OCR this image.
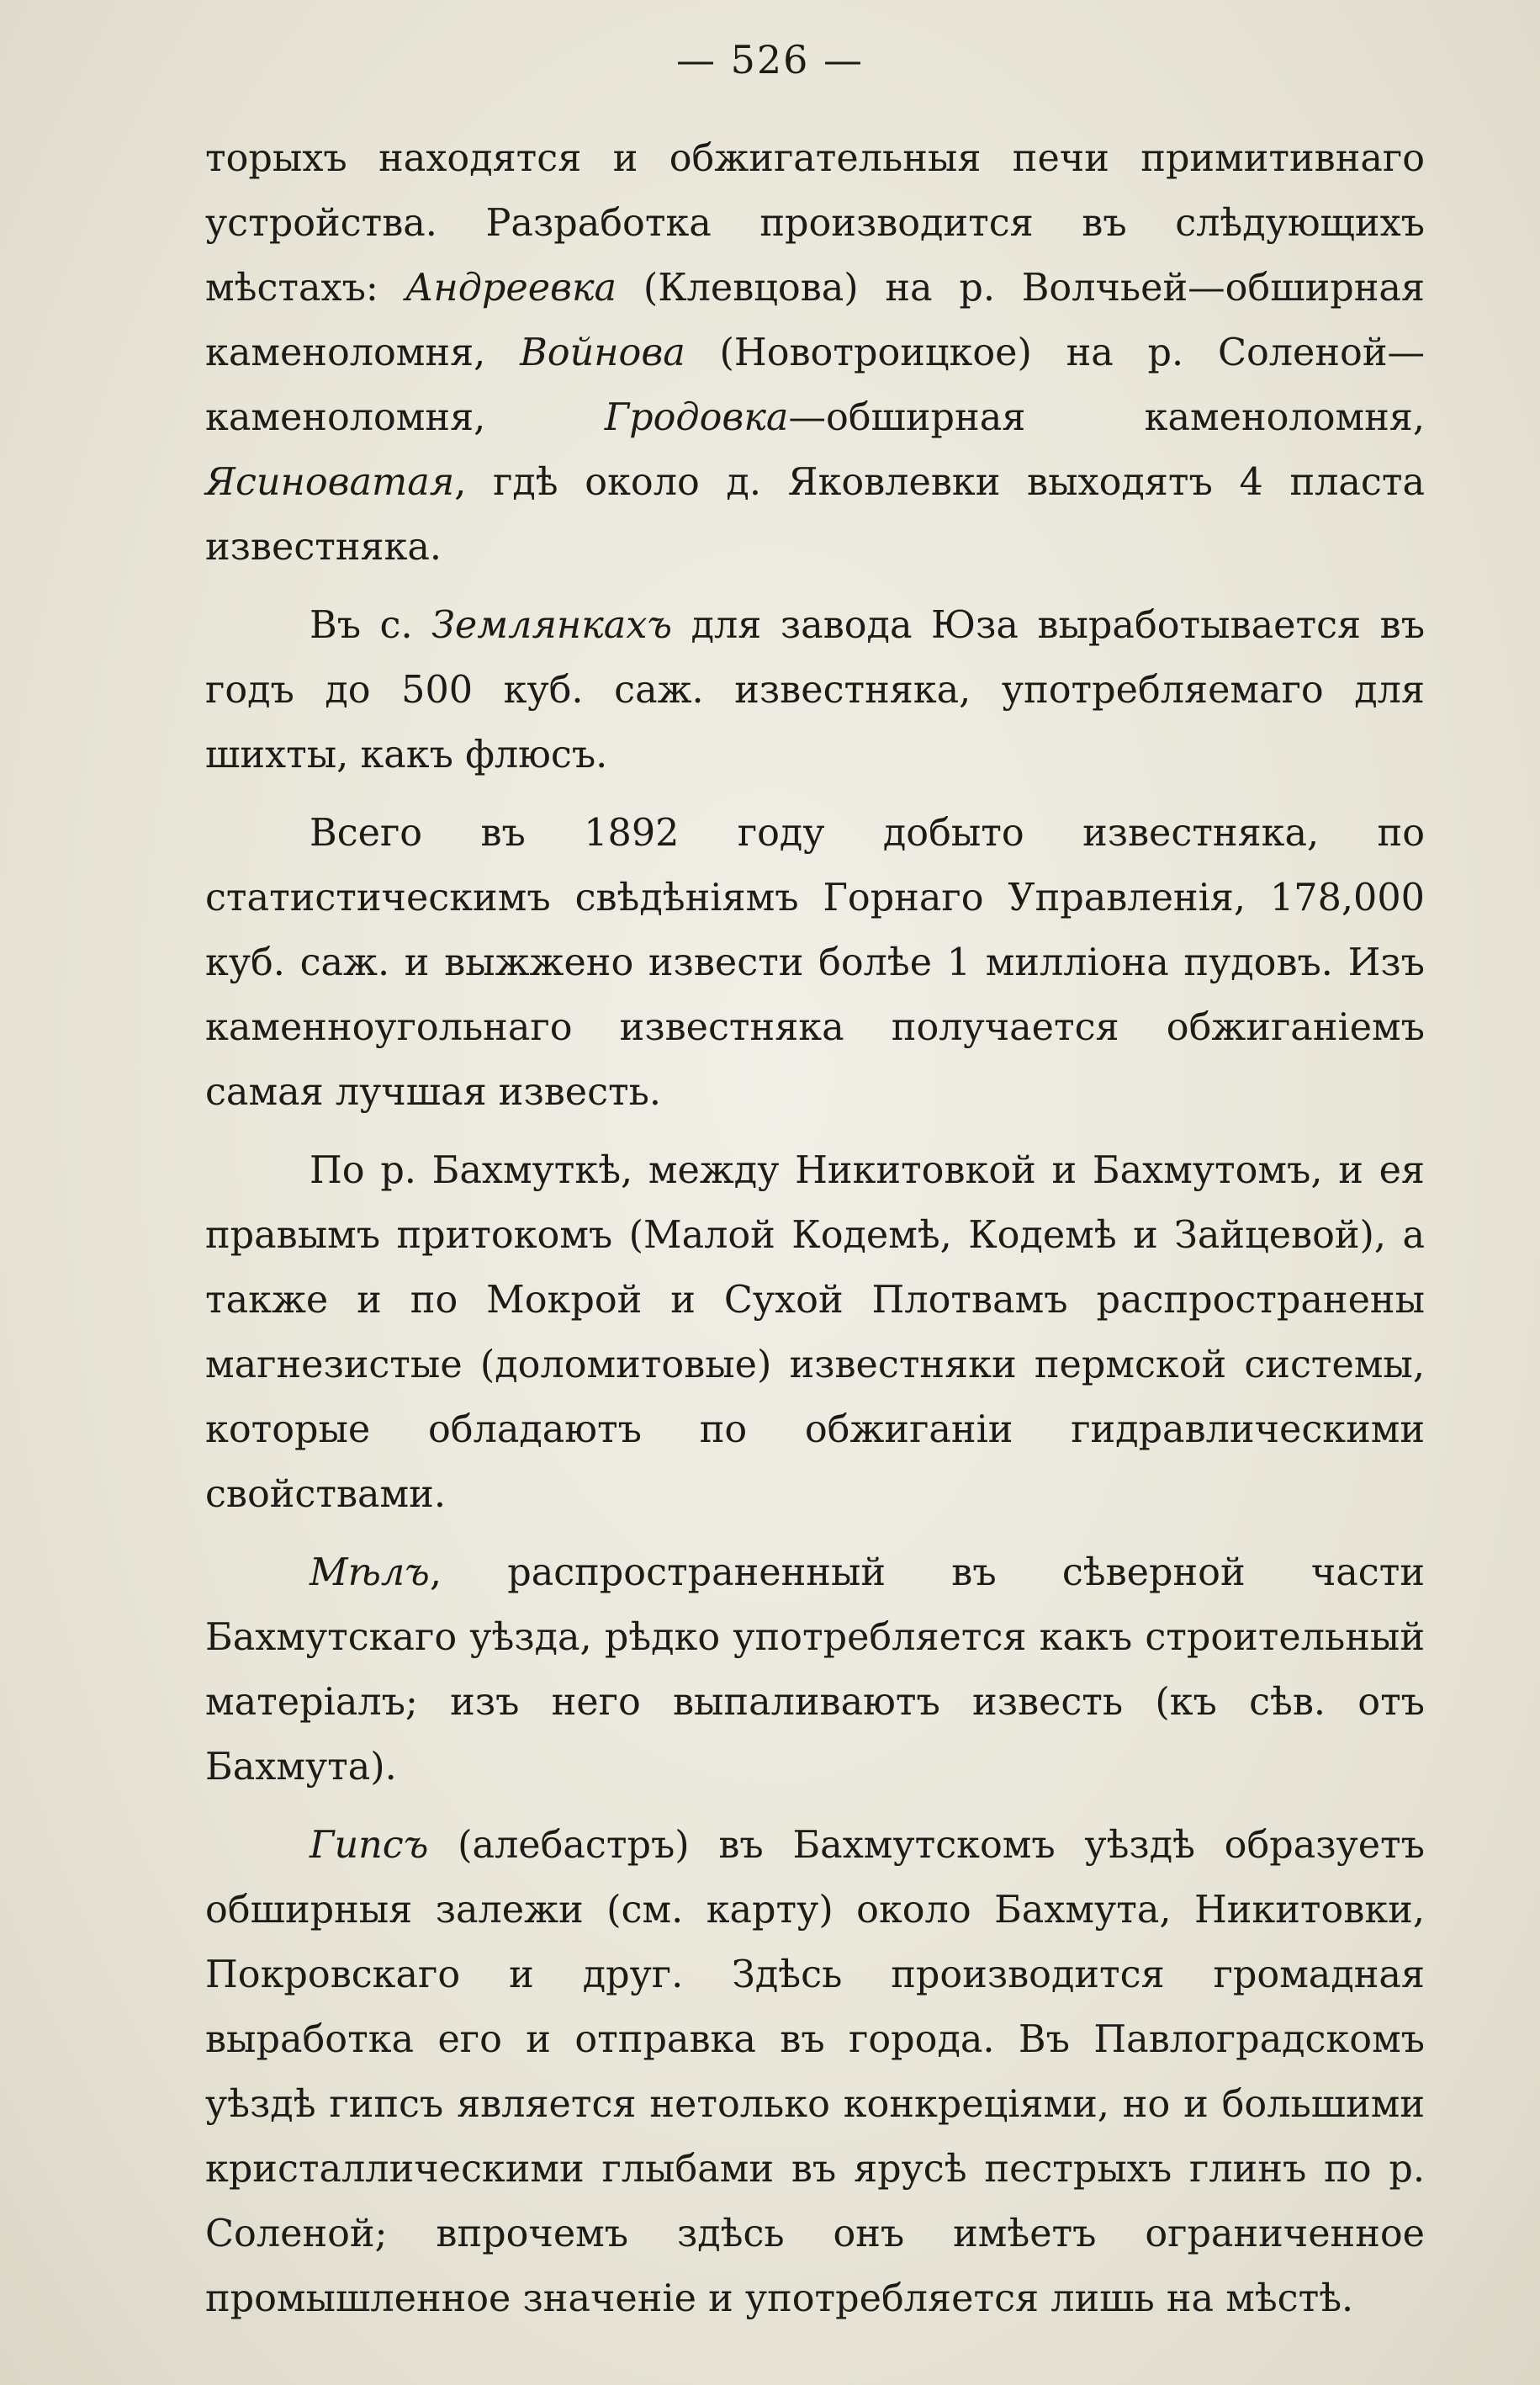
— 526 —

торыхъ находятся и обжигательныя печи примитивнаго устройства. Разработка производится въ слѣдующихъ мѣстахъ: Андреевка (Клевцова) на р. Волчьей—обширная каменоломня, Войнова (Новотроицкое) на р. Соленой—каменоломня, Гродовка—обширная каменоломня, Ясиноватая, гдѣ около д. Яковлевки выходятъ 4 пласта известняка.

Въ с. Землянкахъ для завода Юза выработывается въ годъ до 500 куб. саж. известняка, употребляемаго для шихты, какъ флюсъ.

Всего въ 1892 году добыто известняка, по статистическимъ свѣдѣніямъ Горнаго Управленія, 178,000 куб. саж. и выжжено извести болѣе 1 милліона пудовъ. Изъ каменноугольнаго известняка получается обжиганіемъ самая лучшая известь.

По р. Бахмуткѣ, между Никитовкой и Бахмутомъ, и ея правымъ притокомъ (Малой Кодемѣ, Кодемѣ и Зайцевой), а также и по Мокрой и Сухой Плотвамъ распространены магнезистые (доломитовые) известняки пермской системы, которые обладаютъ по обжиганіи гидравлическими свойствами.

Мѣлъ, распространенный въ сѣверной части Бахмутскаго уѣзда, рѣдко употребляется какъ строительный матеріалъ; изъ него выпаливаютъ известь (къ сѣв. отъ Бахмута).

Гипсъ (алебастръ) въ Бахмутскомъ уѣздѣ образуетъ обширныя залежи (см. карту) около Бахмута, Никитовки, Покровскаго и друг. Здѣсь производится громадная выработка его и отправка въ города. Въ Павлоградскомъ уѣздѣ гипсъ является нетолько конкреціями, но и большими кристаллическими глыбами въ ярусѣ пестрыхъ глинъ по р. Соленой; впрочемъ здѣсь онъ имѣетъ ограниченное промышленное значеніе и употребляется лишь на мѣстѣ.
